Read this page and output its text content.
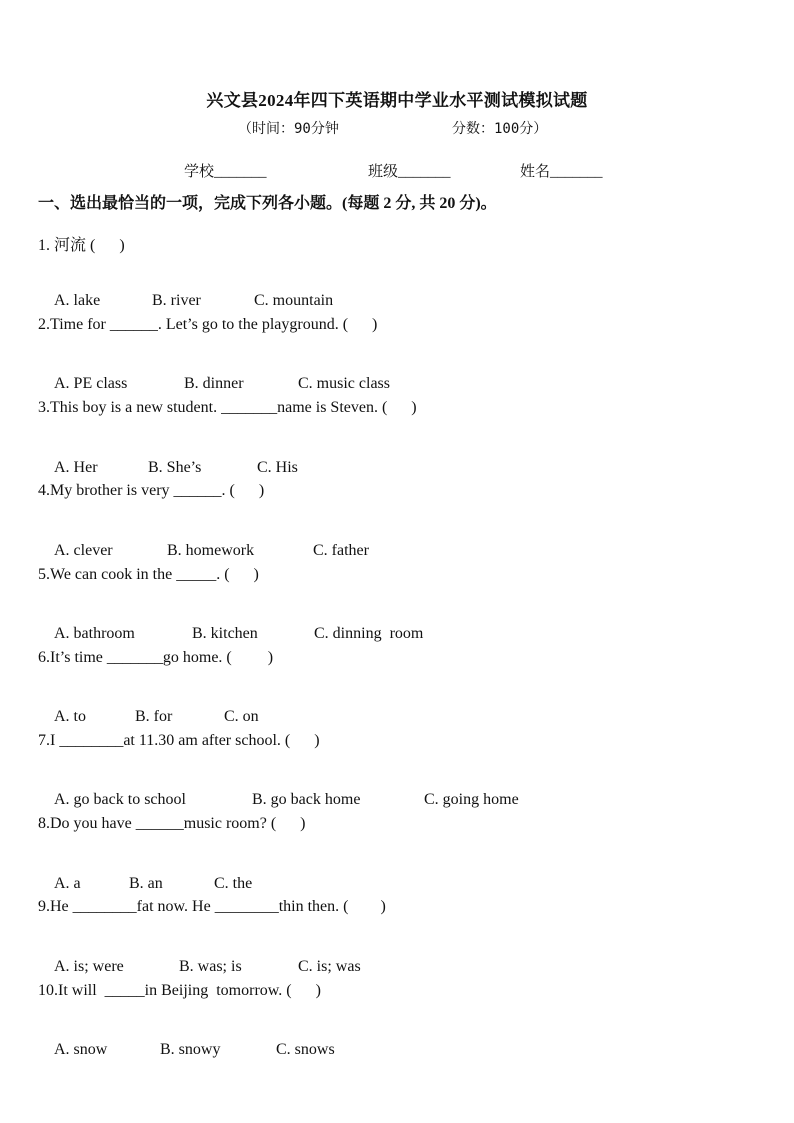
兴文县2024年四下英语期中学业水平测试模拟试题
（时间：90分钟	分数：100分）
学校_______	班级_______	姓名_______
一、选出最恰当的一项，完成下列各小题。(每题 2 分, 共 20 分)。
1. 河流 (      )

A. lake	B. river	C. mountain

2.Time for ______. Let’s go to the playground. (      )

A. PE class	B. dinner	C. music class

3.This boy is a new student. _______name is Steven. (      )

A. Her	B. She’s	C. His

4.My brother is very ______. (      )

A. clever	B. homework	C. father

5.We can cook in the _____. (      )

A. bathroom	B. kitchen	C. dinning  room

6.It’s time _______go home. (         )

A. to	B. for	C. on

7.I ________at 11.30 am after school. (      )

A. go back to school	B. go back home	C. going home

8.Do you have ______music room? (      )

A. a	B. an	C. the

9.He ________fat now. He ________thin then. (        )

A. is; were	B. was; is	C. is; was

10.It will  _____in Beijing  tomorrow. (      )

A. snow	B. snowy	C. snows
